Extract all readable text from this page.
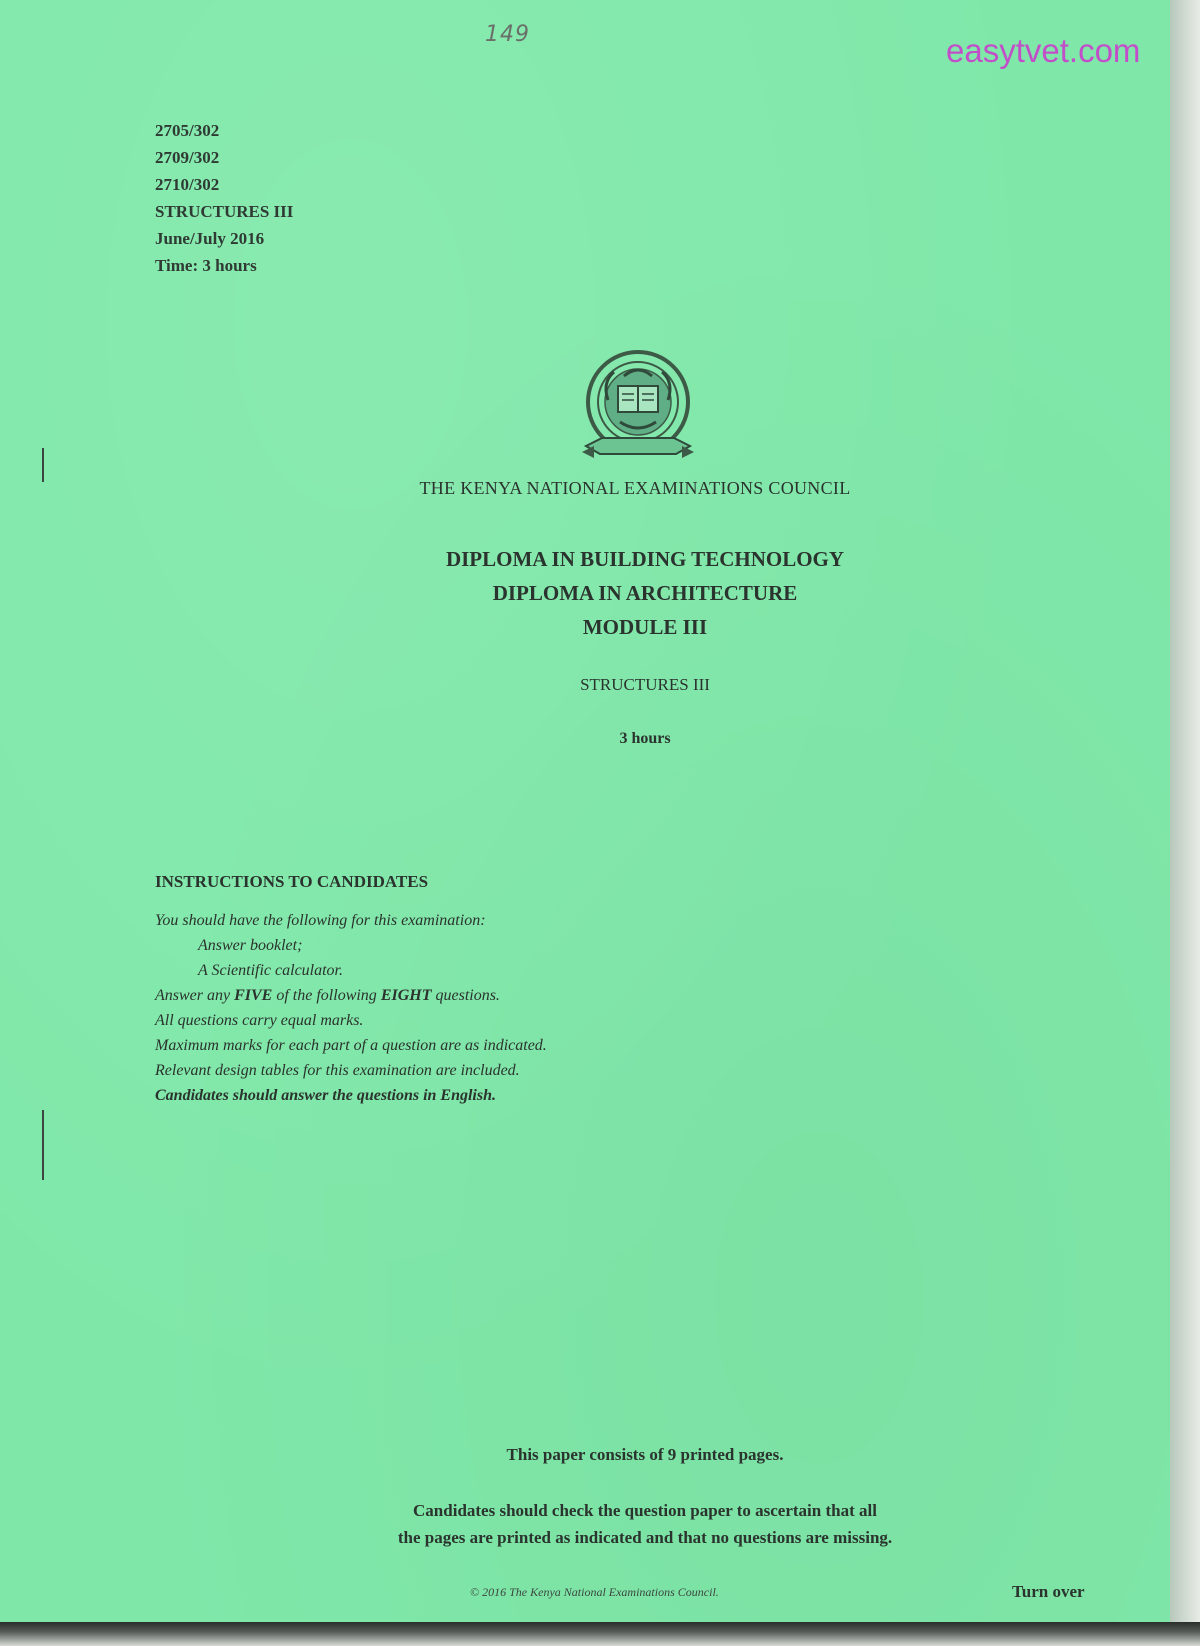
149	easytvet.com
2705/302
2709/302
2710/302
STRUCTURES III
June/July 2016
Time: 3 hours
THE KENYA NATIONAL EXAMINATIONS COUNCIL
DIPLOMA IN BUILDING TECHNOLOGY
DIPLOMA IN ARCHITECTURE
MODULE III
STRUCTURES III
3 hours
INSTRUCTIONS TO CANDIDATES
You should have the following for this examination:
Answer booklet;
A Scientific calculator.
Answer any FIVE of the following EIGHT questions.
All questions carry equal marks.
Maximum marks for each part of a question are as indicated.
Relevant design tables for this examination are included.
Candidates should answer the questions in English.
This paper consists of 9 printed pages.
Candidates should check the question paper to ascertain that all
the pages are printed as indicated and that no questions are missing.
© 2016 The Kenya National Examinations Council.	Turn over
